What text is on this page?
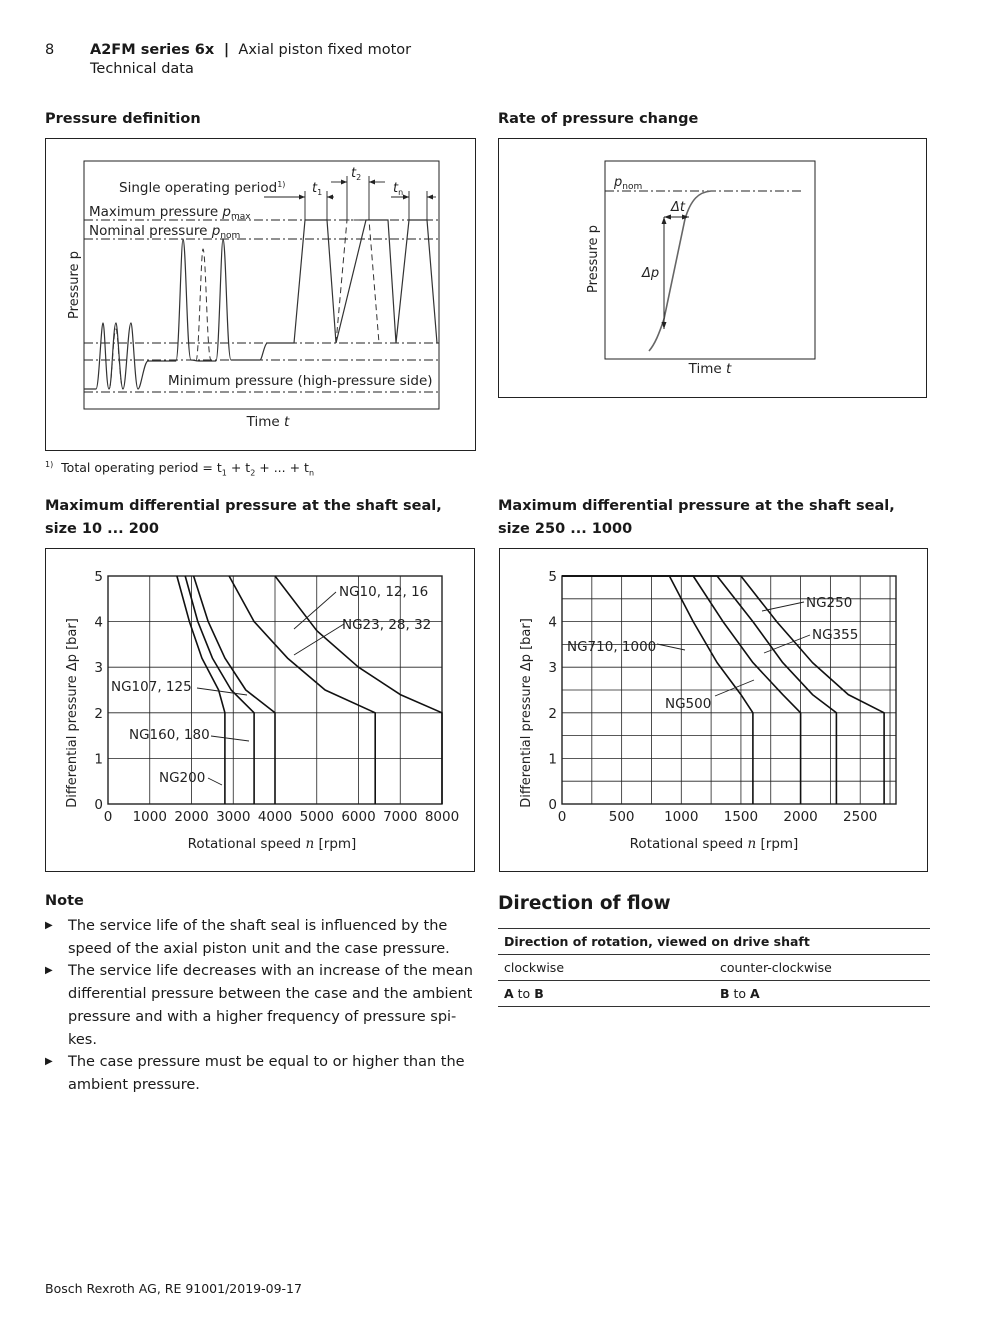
8 A2FM series 6x | Axial piston fixed motor
Technical data
Pressure definition	Rate of pressure change
Single operating period$^{1)}$ $t_1$
$t_2$
$t_n$
Maximum pressure $p_{max}$
Nominal pressure $p_{nom}$
Minimum pressure (high-pressure side)
Pressure p
Time t
$p_{nom}$
Δt
Δp
Pressure p
Time t
$^{1)}$ Total operating period = $t_1 + t_2$ + ... + $t_n$
Maximum differential pressure at the shaft seal,
size 10 ... 200
Maximum differential pressure at the shaft seal,
size 250 ... 1000
0 1000 2000 3000 4000 5000 6000 7000 8000
0
1
2
3
4
5
NG10, 12, 16
NG23, 28, 32
NG107, 125
NG160, 180
NG200
Differential pressure Δp [bar]
Rotational speed n [rpm]
0	500 1000 1500 2000 2500
0
1
2
3
4
5
NG250
NG355
NG710, 1000
NG500
Differential pressure Δp [bar]
Rotational speed n [rpm]
Note
▶ The service life of the shaft seal is influenced by the speed of the axial piston unit and the case pressure.
▶ The service life decreases with an increase of the mean differential pressure between the case and the ambient pressure and with a higher frequency of pressure spi-kes.
▶ The case pressure must be equal to or higher than the ambient pressure.
Direction of flow
Direction of rotation, viewed on drive shaft	
clockwise	counter-clockwise
A to B	B to A
Bosch Rexroth AG, RE 91001/2019-09-17
